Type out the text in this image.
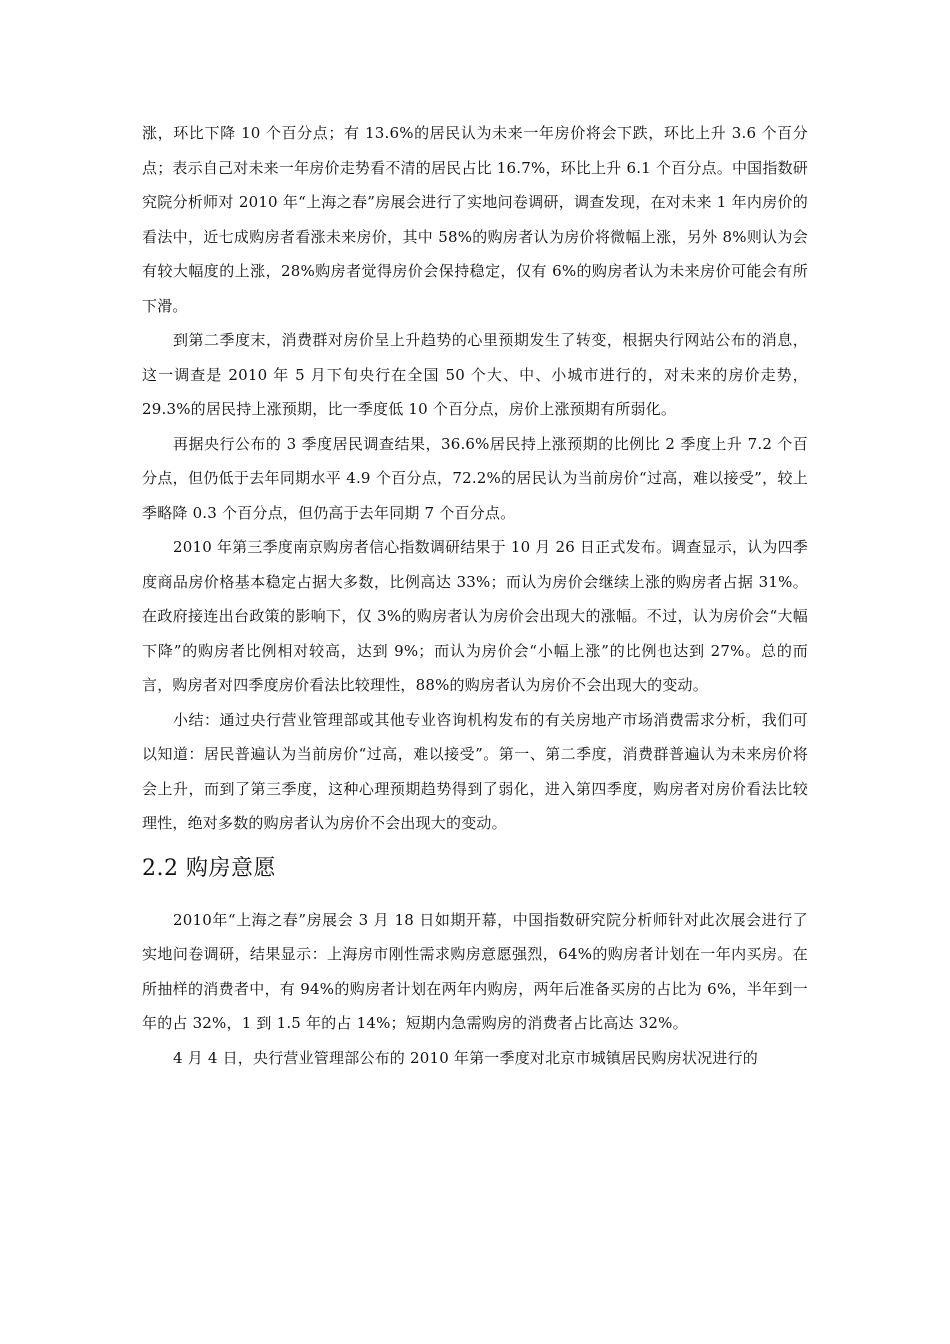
涨，环比下降 10 个百分点；有 13.6%的居民认为未来一年房价将会下跌，环比上升 3.6 个百分点；表示自己对未来一年房价走势看不清的居民占比 16.7%，环比上升 6.1 个百分点。中国指数研究院分析师对 2010 年“上海之春”房展会进行了实地问卷调研，调查发现，在对未来 1 年内房价的看法中，近七成购房者看涨未来房价，其中 58%的购房者认为房价将微幅上涨，另外 8%则认为会有较大幅度的上涨，28%购房者觉得房价会保持稳定，仅有 6%的购房者认为未来房价可能会有所下滑。

到第二季度末，消费群对房价呈上升趋势的心里预期发生了转变，根据央行网站公布的消息，这一调查是 2010 年 5 月下旬央行在全国 50 个大、中、小城市进行的，对未来的房价走势，29.3%的居民持上涨预期，比一季度低 10 个百分点，房价上涨预期有所弱化。

再据央行公布的 3 季度居民调查结果，36.6%居民持上涨预期的比例比 2 季度上升 7.2 个百分点，但仍低于去年同期水平 4.9 个百分点，72.2%的居民认为当前房价“过高，难以接受”，较上季略降 0.3 个百分点，但仍高于去年同期 7 个百分点。

2010 年第三季度南京购房者信心指数调研结果于 10 月 26 日正式发布。调查显示，认为四季度商品房价格基本稳定占据大多数，比例高达 33%；而认为房价会继续上涨的购房者占据 31%。在政府接连出台政策的影响下，仅 3%的购房者认为房价会出现大的涨幅。不过，认为房价会“大幅下降”的购房者比例相对较高，达到 9%；而认为房价会“小幅上涨”的比例也达到 27%。总的而言，购房者对四季度房价看法比较理性，88%的购房者认为房价不会出现大的变动。

小结：通过央行营业管理部或其他专业咨询机构发布的有关房地产市场消费需求分析，我们可以知道：居民普遍认为当前房价“过高，难以接受”。第一、第二季度，消费群普遍认为未来房价将会上升，而到了第三季度，这种心理预期趋势得到了弱化，进入第四季度，购房者对房价看法比较理性，绝对多数的购房者认为房价不会出现大的变动。

2.2 购房意愿

2010年“上海之春”房展会 3 月 18 日如期开幕，中国指数研究院分析师针对此次展会进行了实地问卷调研，结果显示：上海房市刚性需求购房意愿强烈，64%的购房者计划在一年内买房。在所抽样的消费者中，有 94%的购房者计划在两年内购房，两年后准备买房的占比为 6%，半年到一年的占 32%，1 到 1.5 年的占 14%；短期内急需购房的消费者占比高达 32%。

4 月 4 日，央行营业管理部公布的 2010 年第一季度对北京市城镇居民购房状况进行的
